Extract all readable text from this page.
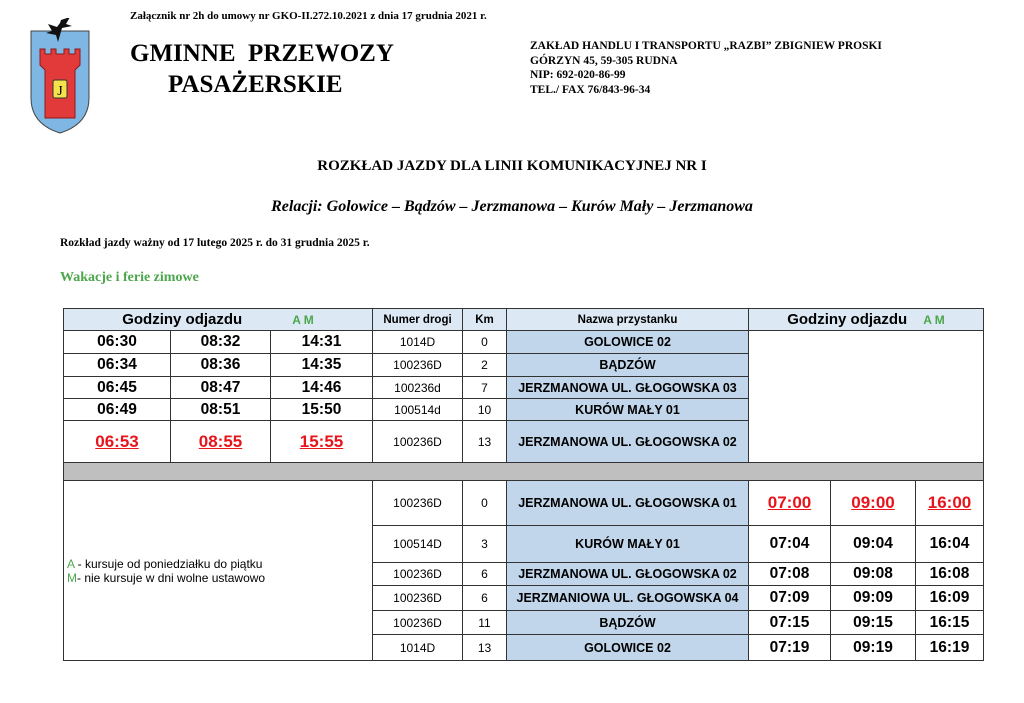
J
Załącznik nr 2h do umowy nr GKO-II.272.10.2021 z dnia 17 grudnia 2021 r.
GMINNE  PRZEWOZY
PASAŻERSKIE
ZAKŁAD HANDLU I TRANSPORTU „RAZBI” ZBIGNIEW PROSKI
GÓRZYN 45, 59-305 RUDNA
NIP: 692-020-86-99
TEL./ FAX 76/843-96-34
ROZKŁAD JAZDY DLA LINII KOMUNIKACYJNEJ NR I
Relacji: Golowice – Bądzów – Jerzmanowa – Kurów Mały – Jerzmanowa
Rozkład jazdy ważny od 17 lutego 2025 r. do 31 grudnia 2025 r.
Wakacje i ferie zimowe
Godziny odjazdu A M			Numer drogi	Km	Nazwa przystanku	Godziny odjazdu A M		
06:30	08:32	14:31	1014D	0	GOLOWICE 02			
06:34	08:36	14:35	100236D	2	BĄDZÓW			
06:45	08:47	14:46	100236d	7	JERZMANOWA UL. GŁOGOWSKA 03			
06:49	08:51	15:50	100514d	10	KURÓW MAŁY 01			
06:53	08:55	15:55	100236D	13	JERZMANOWA UL. GŁOGOWSKA 02			

A - kursuje od poniedziałku do piątku
M- nie kursuje w dni wolne ustawowo			100236D	0	JERZMANOWA UL. GŁOGOWSKA 01	07:00	09:00	16:00
			100514D	3	KURÓW MAŁY 01	07:04	09:04	16:04
			100236D	6	JERZMANOWA UL. GŁOGOWSKA 02	07:08	09:08	16:08
			100236D	6	JERZMANIOWA UL. GŁOGOWSKA 04	07:09	09:09	16:09
			100236D	11	BĄDZÓW	07:15	09:15	16:15
			1014D	13	GOLOWICE 02	07:19	09:19	16:19
